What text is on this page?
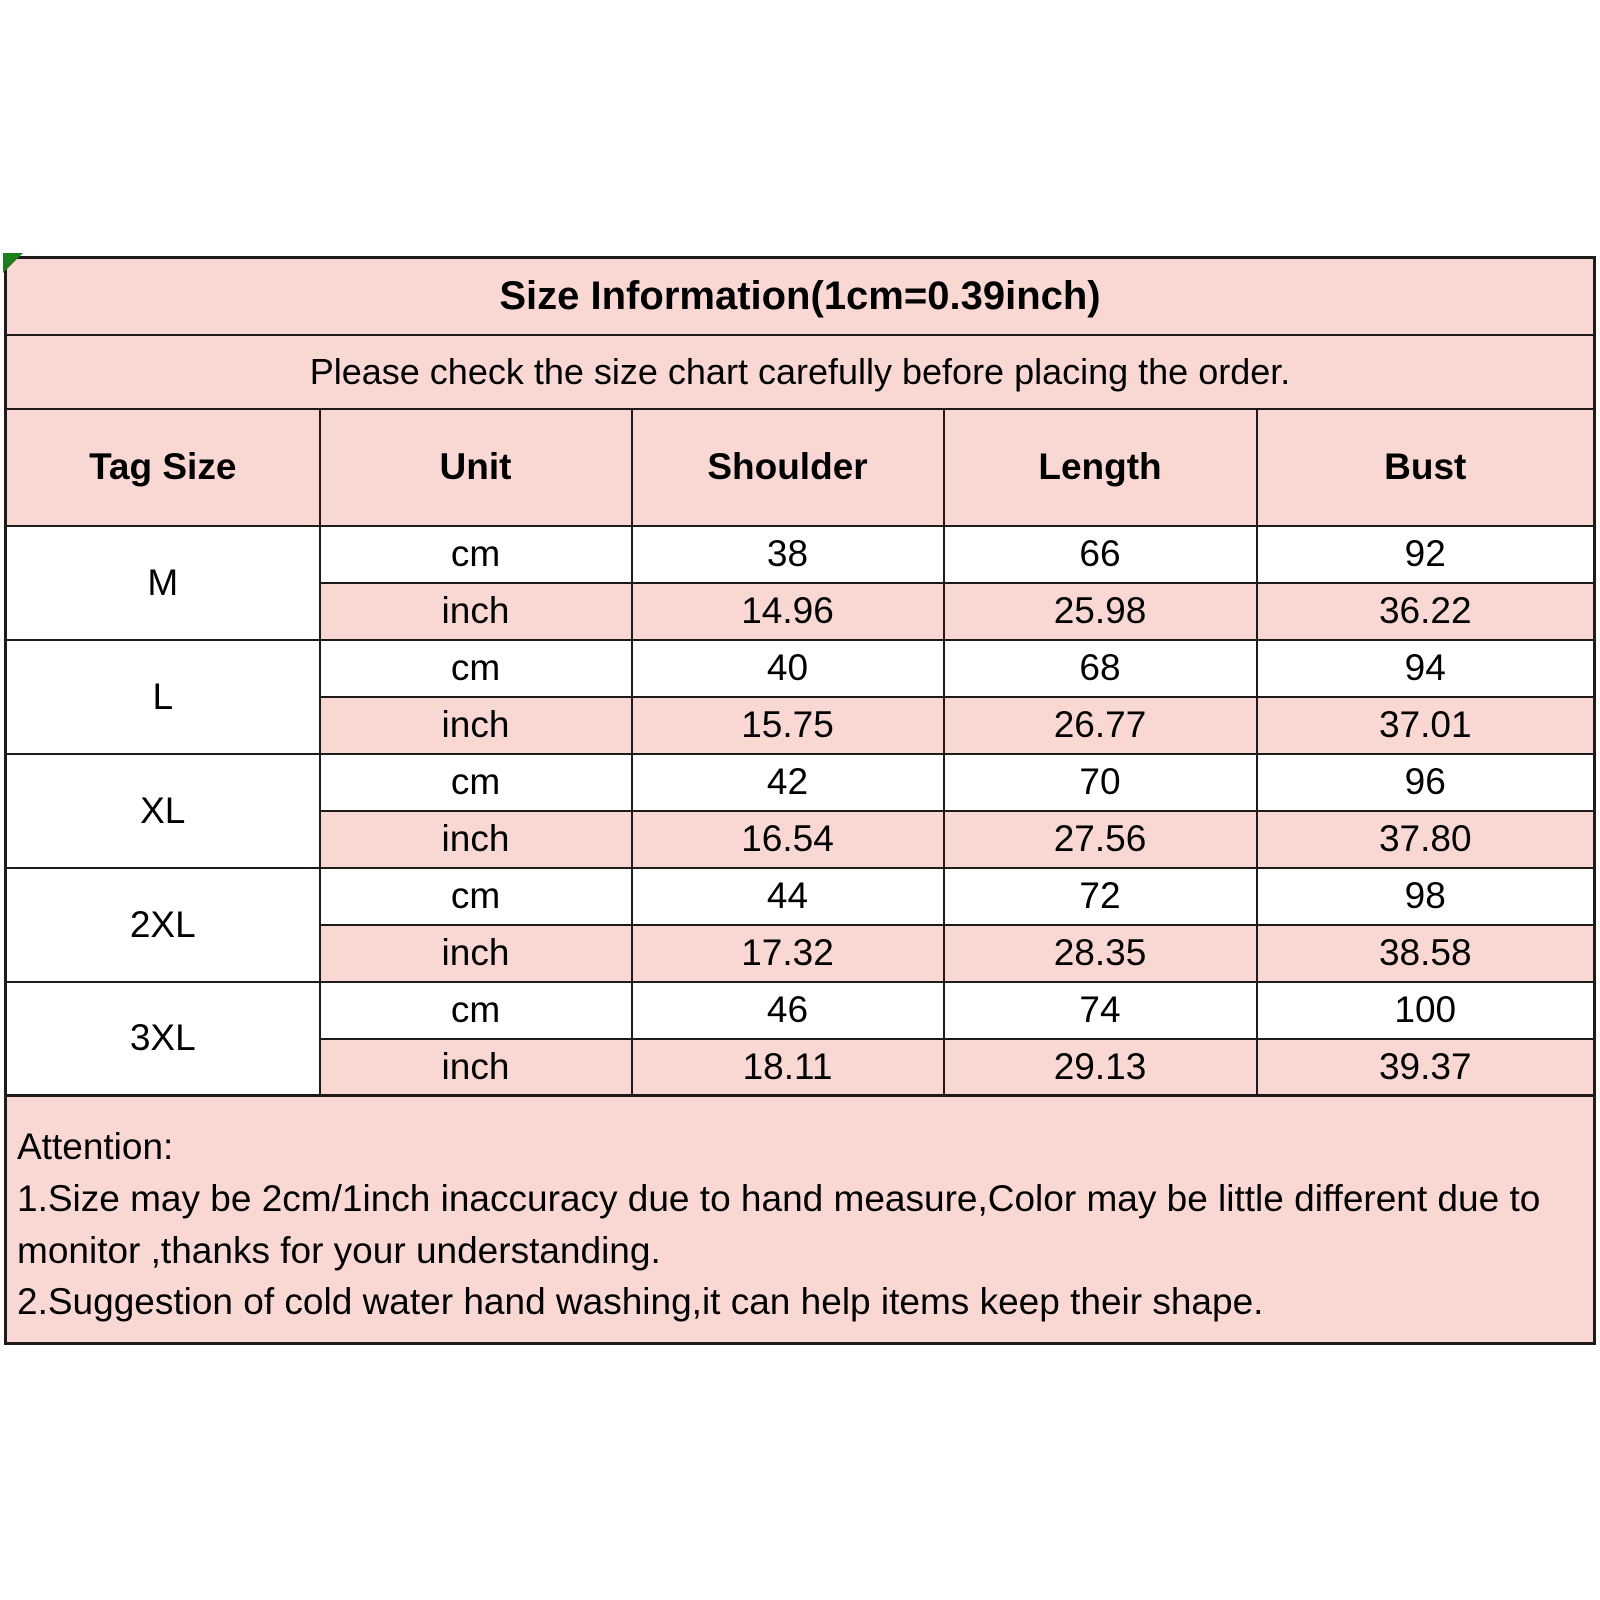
Size Information(1cm=0.39inch)				
Please check the size chart carefully before placing the order.				
Tag Size	Unit	Shoulder	Length	Bust
M	cm	38	66	92
	inch	14.96	25.98	36.22
L	cm	40	68	94
	inch	15.75	26.77	37.01
XL	cm	42	70	96
	inch	16.54	27.56	37.80
2XL	cm	44	72	98
	inch	17.32	28.35	38.58
3XL	cm	46	74	100
	inch	18.11	29.13	39.37
Attention:
1.Size may be 2cm/1inch inaccuracy due to hand measure,Color may be little different due to monitor ,thanks for your understanding.
2.Suggestion of cold water hand washing,it can help items keep their shape.
